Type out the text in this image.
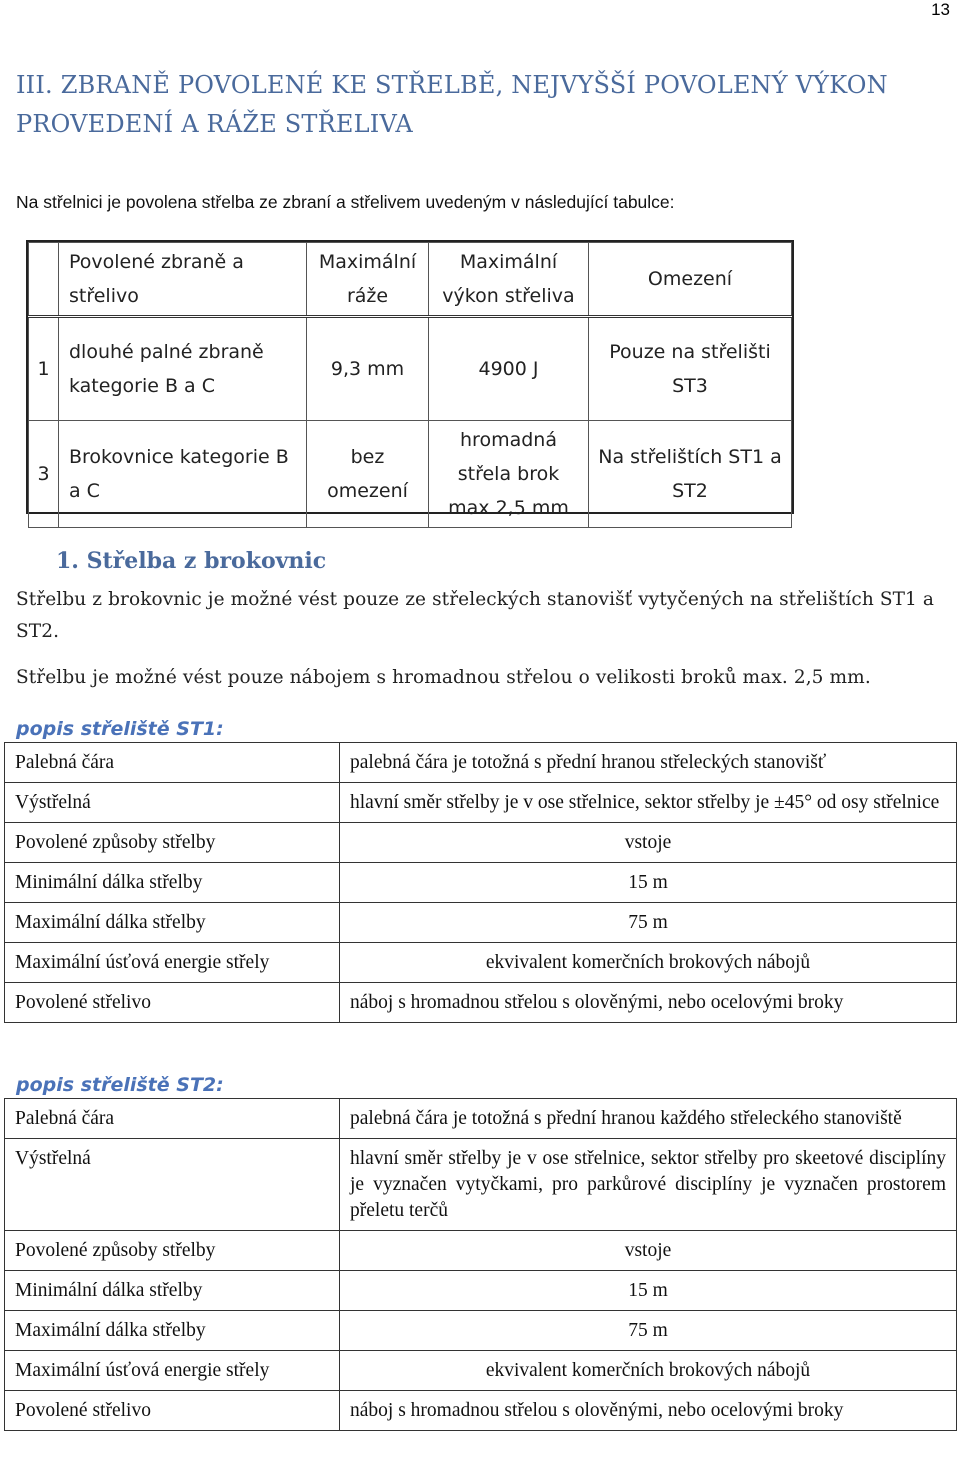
13
III. ZBRANĚ POVOLENÉ KE STŘELBĚ, NEJVYŠŠÍ POVOLENÝ VÝKON
PROVEDENÍ A RÁŽE STŘELIVA
Na střelnici je povolena střelba ze zbraní a střelivem uvedeným v následující tabulce:
	Povolené zbraně a střelivo	Maximální ráže	Maximální výkon střeliva	Omezení
1	dlouhé palné zbraně kategorie B a C	9,3 mm	4900 J	Pouze na střelišti ST3
3	Brokovnice kategorie B a C	bez omezení	hromadná střela brok max 2,5 mm	Na střelištích ST1 a ST2
1. Střelba z brokovnic

Střelbu z brokovnic je možné vést pouze ze střeleckých stanovišť vytyčených na střelištích ST1 a ST2.

Střelbu je možné vést pouze nábojem s hromadnou střelou o velikosti broků max. 2,5 mm.

popis střeliště ST1:
Palebná čára	palebná čára je totožná s přední hranou střeleckých stanovišť
Výstřelná	hlavní směr střelby je v ose střelnice, sektor střelby je ±45° od osy střelnice
Povolené způsoby střelby	vstoje
Minimální dálka střelby	15 m
Maximální dálka střelby	75 m
Maximální úsťová energie střely	ekvivalent komerčních brokových nábojů
Povolené střelivo	náboj s hromadnou střelou s olověnými, nebo ocelovými broky
popis střeliště ST2:
Palebná čára	palebná čára je totožná s přední hranou každého střeleckého stanoviště
Výstřelná	hlavní směr střelby je v ose střelnice, sektor střelby pro skeetové disciplíny je vyznačen vytyčkami, pro parkůrové disciplíny je vyznačen prostorem přeletu terčů
Povolené způsoby střelby	vstoje
Minimální dálka střelby	15 m
Maximální dálka střelby	75 m
Maximální úsťová energie střely	ekvivalent komerčních brokových nábojů
Povolené střelivo	náboj s hromadnou střelou s olověnými, nebo ocelovými broky
